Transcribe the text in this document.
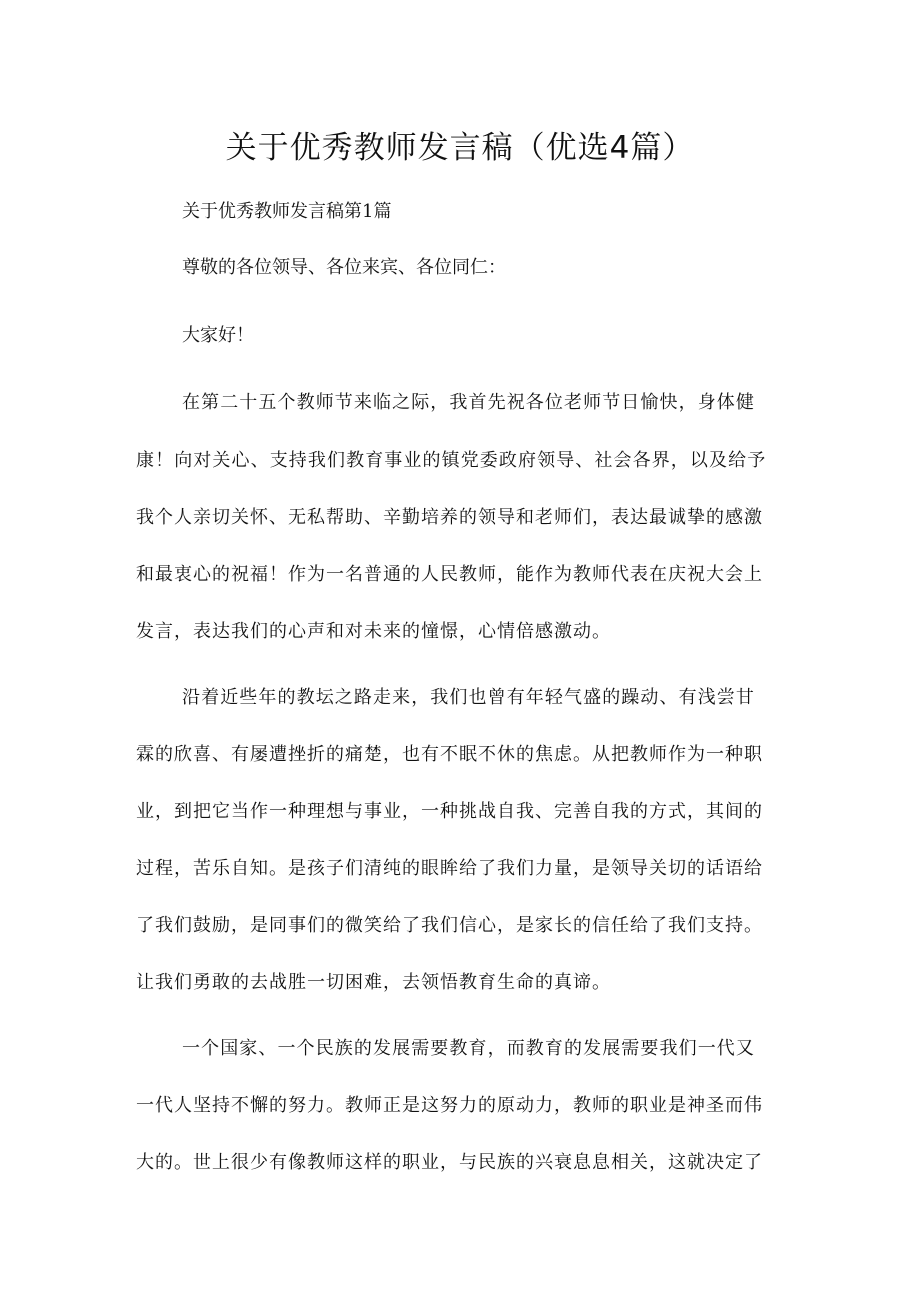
关于优秀教师发言稿（优选4篇）
关于优秀教师发言稿第1篇
尊敬的各位领导、各位来宾、各位同仁：
大家好！
在第二十五个教师节来临之际，我首先祝各位老师节日愉快，身体健
康！向对关心、支持我们教育事业的镇党委政府领导、社会各界，以及给予
我个人亲切关怀、无私帮助、辛勤培养的领导和老师们，表达最诚挚的感激
和最衷心的祝福！作为一名普通的人民教师，能作为教师代表在庆祝大会上
发言，表达我们的心声和对未来的憧憬，心情倍感激动。
沿着近些年的教坛之路走来，我们也曾有年轻气盛的躁动、有浅尝甘
霖的欣喜、有屡遭挫折的痛楚，也有不眠不休的焦虑。从把教师作为一种职
业，到把它当作一种理想与事业，一种挑战自我、完善自我的方式，其间的
过程，苦乐自知。是孩子们清纯的眼眸给了我们力量，是领导关切的话语给
了我们鼓励，是同事们的微笑给了我们信心，是家长的信任给了我们支持。
让我们勇敢的去战胜一切困难，去领悟教育生命的真谛。
一个国家、一个民族的发展需要教育，而教育的发展需要我们一代又
一代人坚持不懈的努力。教师正是这努力的原动力，教师的职业是神圣而伟
大的。世上很少有像教师这样的职业，与民族的兴衰息息相关，这就决定了
